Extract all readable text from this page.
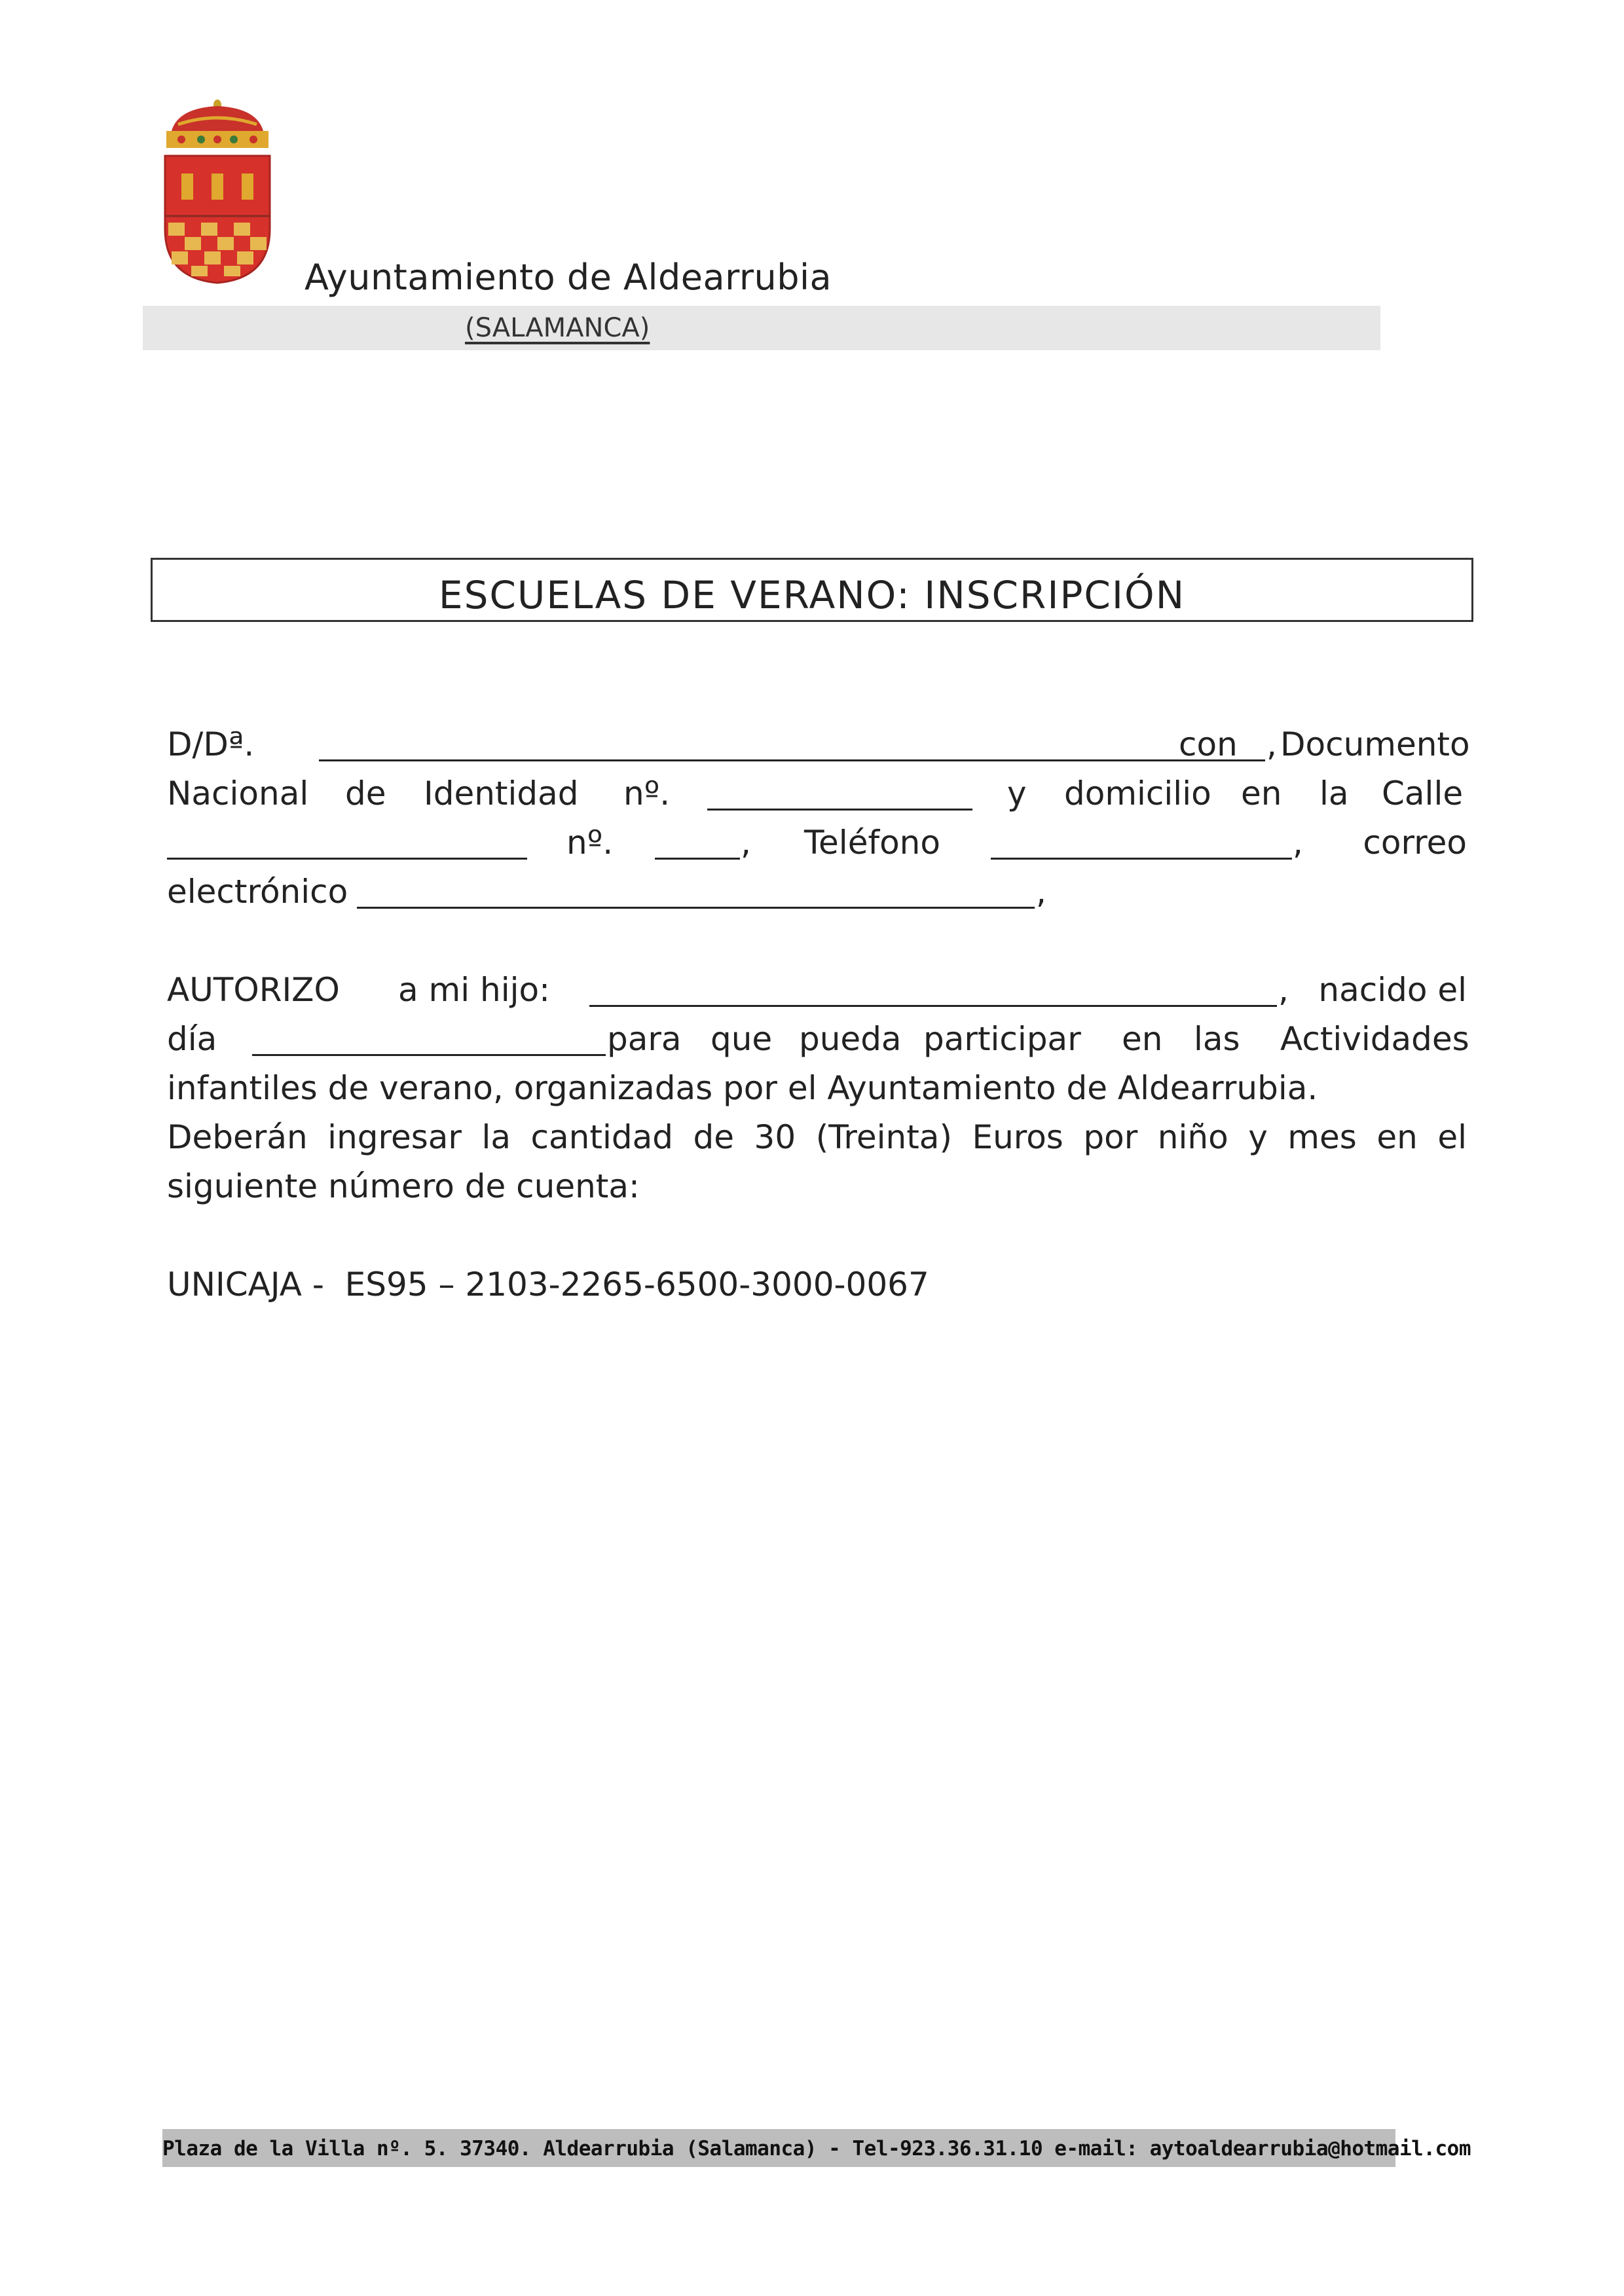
Ayuntamiento de Aldearrubia
(SALAMANCA)
ESCUELAS DE VERANO: INSCRIPCIÓN
D/Dª.	,
con Documento
Nacional de Identidad nº.	y domicilio en la Calle
nº.	, Teléfono	, correo
electrónico	,
AUTORIZO a mi hijo:	, nacido el
día	para que pueda participar en las Actividades
infantiles de verano, organizadas por el Ayuntamiento de Aldearrubia.
Deberán ingresar la cantidad de 30 (Treinta) Euros por niño y mes en el
siguiente número de cuenta:
UNICAJA -  ES95 – 2103-2265-6500-3000-0067
Plaza de la Villa nº. 5. 37340. Aldearrubia (Salamanca) - Tel-923.36.31.10 e-mail: aytoaldearrubia@hotmail.com
